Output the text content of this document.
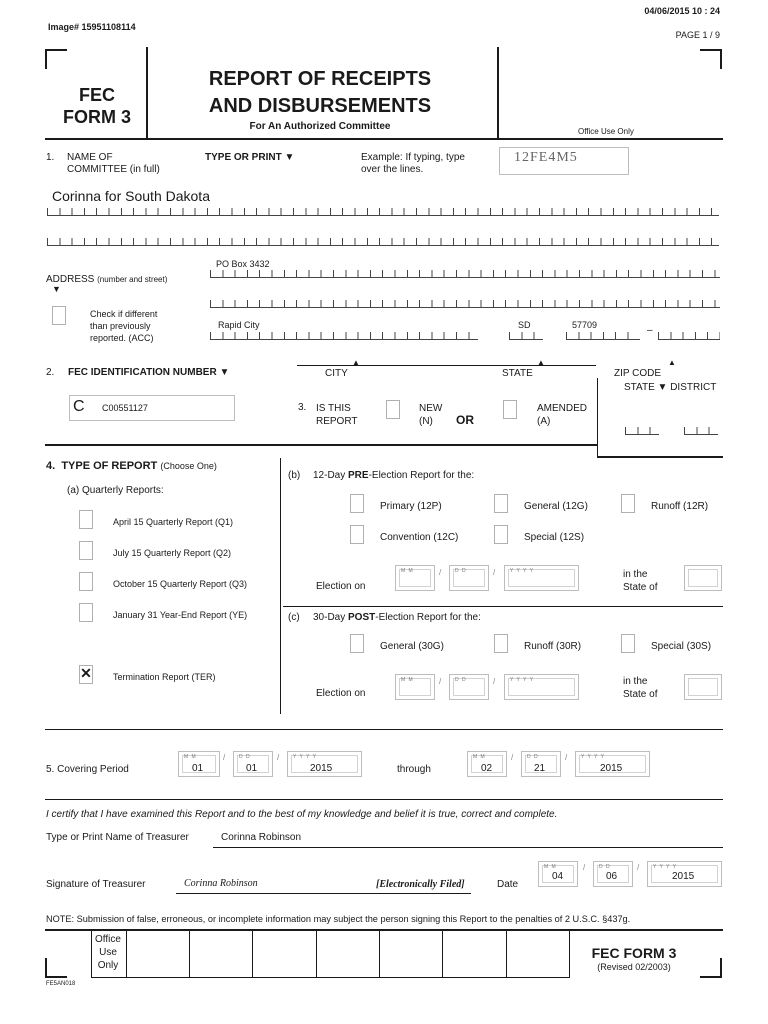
04/06/2015 10 : 24
Image# 15951108114
PAGE 1 / 9
FEC
FORM 3
REPORT OF RECEIPTS
AND DISBURSEMENTS
For An Authorized Committee	Office Use Only
1. NAME OF
COMMITTEE (in full)
TYPE OR PRINT ▼	Example: If typing, type
over the lines.
12FE4M5
Corinna for South Dakota
PO Box 3432
ADDRESS (number and street)
▼
Check if different
than previously
reported. (ACC)
Rapid City	SD	57709	–
2. FEC IDENTIFICATION NUMBER ▼	CITY
▲
STATE
▲
ZIP CODE
▲
STATE ▼ DISTRICT
C C00551127	3. IS THIS
REPORT
NEW
(N)	OR
AMENDED
(A)
4. TYPE OF REPORT (Choose One)
(a) Quarterly Reports:
April 15 Quarterly Report (Q1)
July 15 Quarterly Report (Q2)
October 15 Quarterly Report (Q3)
January 31 Year-End Report (YE)
✕ Termination Report (TER)
(b) 12-Day PRE-Election Report for the:
Primary (12P)	General (12G)	Runoff (12R)
Convention (12C)	Special (12S)
Election on
M M	/	D D	/	Y Y Y Y	in the
State of
(c) 30-Day POST-Election Report for the:
General (30G)	Runoff (30R)	Special (30S)
Election on
M M	/	D D	/	Y Y Y Y	in the
State of
5. Covering Period
M M
01
/	D D
01
/	Y Y Y Y
2015	through
M M
02
/	D D
21
/	Y Y Y Y
2015
I certify that I have examined this Report and to the best of my knowledge and belief it is true, correct and complete.
Type or Print Name of Treasurer	Corinna Robinson
Signature of Treasurer	Corinna Robinson	[Electronically Filed]	Date
M M
04
/	D D
06
/	Y Y Y Y
2015
NOTE: Submission of false, erroneous, or incomplete information may subject the person signing this Report to the penalties of 2 U.S.C. §437g.
Office
Use
Only
FEC FORM 3
(Revised 02/2003)
FE5AN018
